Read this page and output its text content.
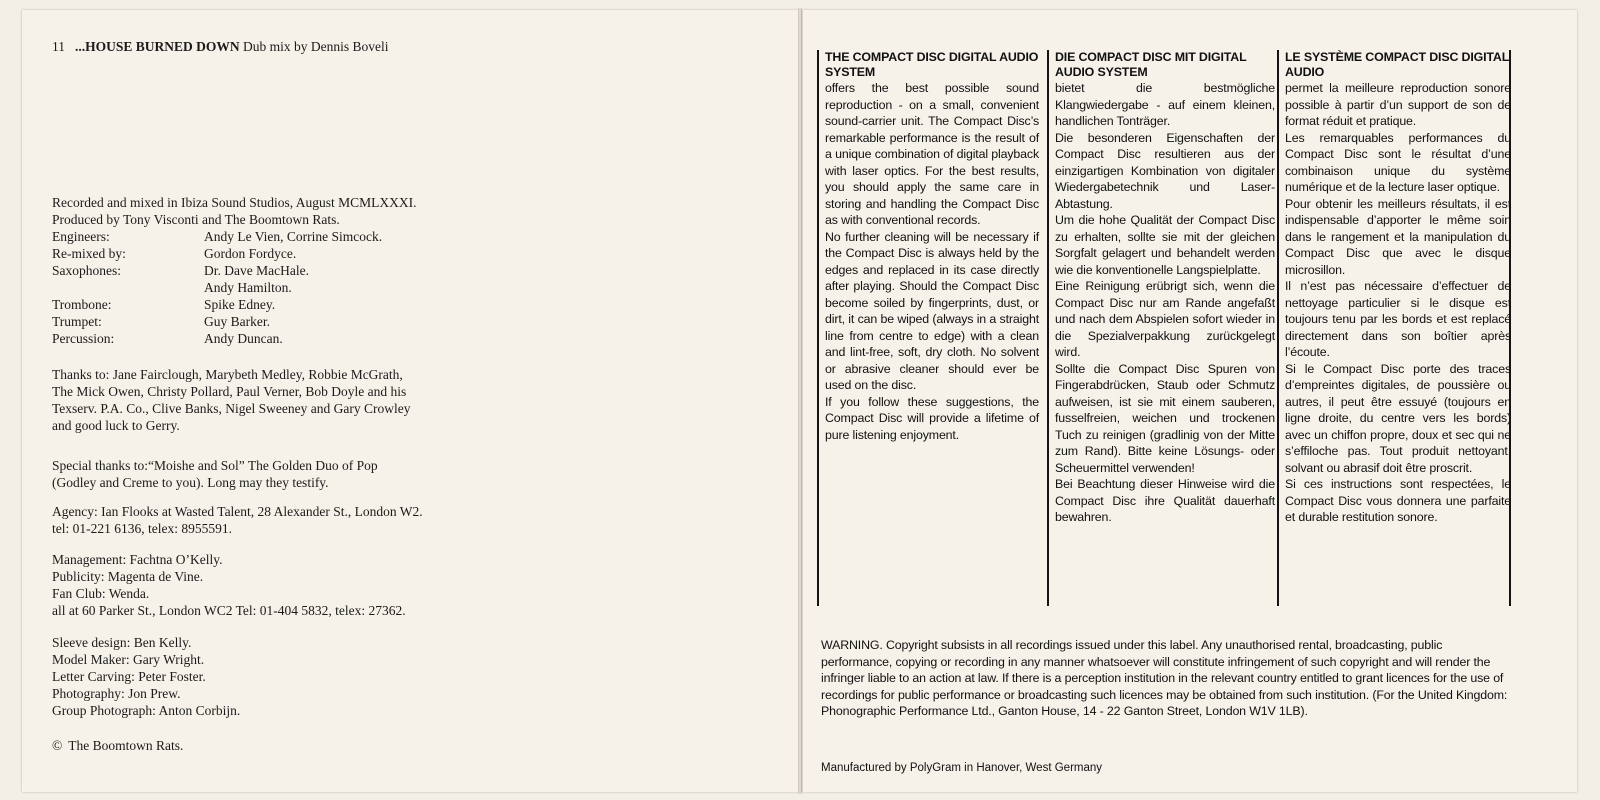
11 ...HOUSE BURNED DOWN Dub mix by Dennis Boveli
Recorded and mixed in Ibiza Sound Studios, August MCMLXXXI.
Produced by Tony Visconti and The Boomtown Rats.
Engineers:	Andy Le Vien, Corrine Simcock.
Re-mixed by:	Gordon Fordyce.
Saxophones:	Dr. Dave MacHale.
Andy Hamilton.
Trombone:	Spike Edney.
Trumpet:	Guy Barker.
Percussion:	Andy Duncan.
Thanks to: Jane Fairclough, Marybeth Medley, Robbie McGrath,
The Mick Owen, Christy Pollard, Paul Verner, Bob Doyle and his
Texserv. P.A. Co., Clive Banks, Nigel Sweeney and Gary Crowley
and good luck to Gerry.
Special thanks to:“Moishe and Sol” The Golden Duo of Pop
(Godley and Creme to you). Long may they testify.
Agency: Ian Flooks at Wasted Talent, 28 Alexander St., London W2.
tel: 01-221 6136, telex: 8955591.
Management: Fachtna O’Kelly.
Publicity: Magenta de Vine.
Fan Club: Wenda.
all at 60 Parker St., London WC2 Tel: 01-404 5832, telex: 27362.
Sleeve design: Ben Kelly.
Model Maker: Gary Wright.
Letter Carving: Peter Foster.
Photography: Jon Prew.
Group Photograph: Anton Corbijn.
© The Boomtown Rats.
THE COMPACT DISC DIGITAL AUDIO SYSTEM

offers the best possible sound reproduction - on a small, convenient sound-carrier unit. The Compact Disc’s remarkable performance is the result of a unique combination of digital playback with laser optics. For the best results, you should apply the same care in storing and handling the Compact Disc as with conventional records.

No further cleaning will be necessary if the Compact Disc is always held by the edges and replaced in its case directly after playing. Should the Compact Disc become soiled by fingerprints, dust, or dirt, it can be wiped (always in a straight line from centre to edge) with a clean and lint-free, soft, dry cloth. No solvent or abrasive cleaner should ever be used on the disc.

If you follow these suggestions, the Compact Disc will provide a lifetime of pure listening enjoyment.

DIE COMPACT DISC MIT DIGITAL AUDIO SYSTEM

bietet die bestmögliche Klangwiedergabe - auf einem kleinen, handlichen Tonträger.

Die besonderen Eigenschaften der Compact Disc resultieren aus der einzigartigen Kombination von digitaler Wiedergabetechnik und Laser-Abtastung.

Um die hohe Qualität der Compact Disc zu erhalten, sollte sie mit der gleichen Sorgfalt gelagert und behandelt werden wie die konventionelle Langspielplatte.

Eine Reinigung erübrigt sich, wenn die Compact Disc nur am Rande angefaßt und nach dem Abspielen sofort wieder in die Spezialverpakkung zurückgelegt wird.

Sollte die Compact Disc Spuren von Fingerabdrücken, Staub oder Schmutz aufweisen, ist sie mit einem sauberen, fusselfreien, weichen und trockenen Tuch zu reinigen (gradlinig von der Mitte zum Rand). Bitte keine Lösungs- oder Scheuermittel verwenden!

Bei Beachtung dieser Hinweise wird die Compact Disc ihre Qualität dauerhaft bewahren.

LE SYSTÈME COMPACT DISC DIGITAL AUDIO

permet la meilleure reproduction sonore possible à partir d’un support de son de format réduit et pratique.

Les remarquables performances du Compact Disc sont le résultat d’une combinaison unique du système numérique et de la lecture laser optique.

Pour obtenir les meilleurs résultats, il est indispensable d’apporter le même soin dans le rangement et la manipulation du Compact Disc que avec le disque microsillon.

Il n’est pas nécessaire d’effectuer de nettoyage particulier si le disque est toujours tenu par les bords et est replacé directement dans son boîtier après l’écoute.

Si le Compact Disc porte des traces d’empreintes digitales, de poussière ou autres, il peut être essuyé (toujours en ligne droite, du centre vers les bords) avec un chiffon propre, doux et sec qui ne s’effiloche pas. Tout produit nettoyant, solvant ou abrasif doit être proscrit.

Si ces instructions sont respectées, le Compact Disc vous donnera une parfaite et durable restitution sonore.

WARNING. Copyright subsists in all recordings issued under this label. Any unauthorised rental, broadcasting, public performance, copying or recording in any manner whatsoever will constitute infringement of such copyright and will render the infringer liable to an action at law. If there is a perception institution in the relevant country entitled to grant licences for the use of recordings for public performance or broadcasting such licences may be obtained from such institution. (For the United Kingdom: Phonographic Performance Ltd., Ganton House, 14 - 22 Ganton Street, London W1V 1LB).
Manufactured by PolyGram in Hanover, West Germany
